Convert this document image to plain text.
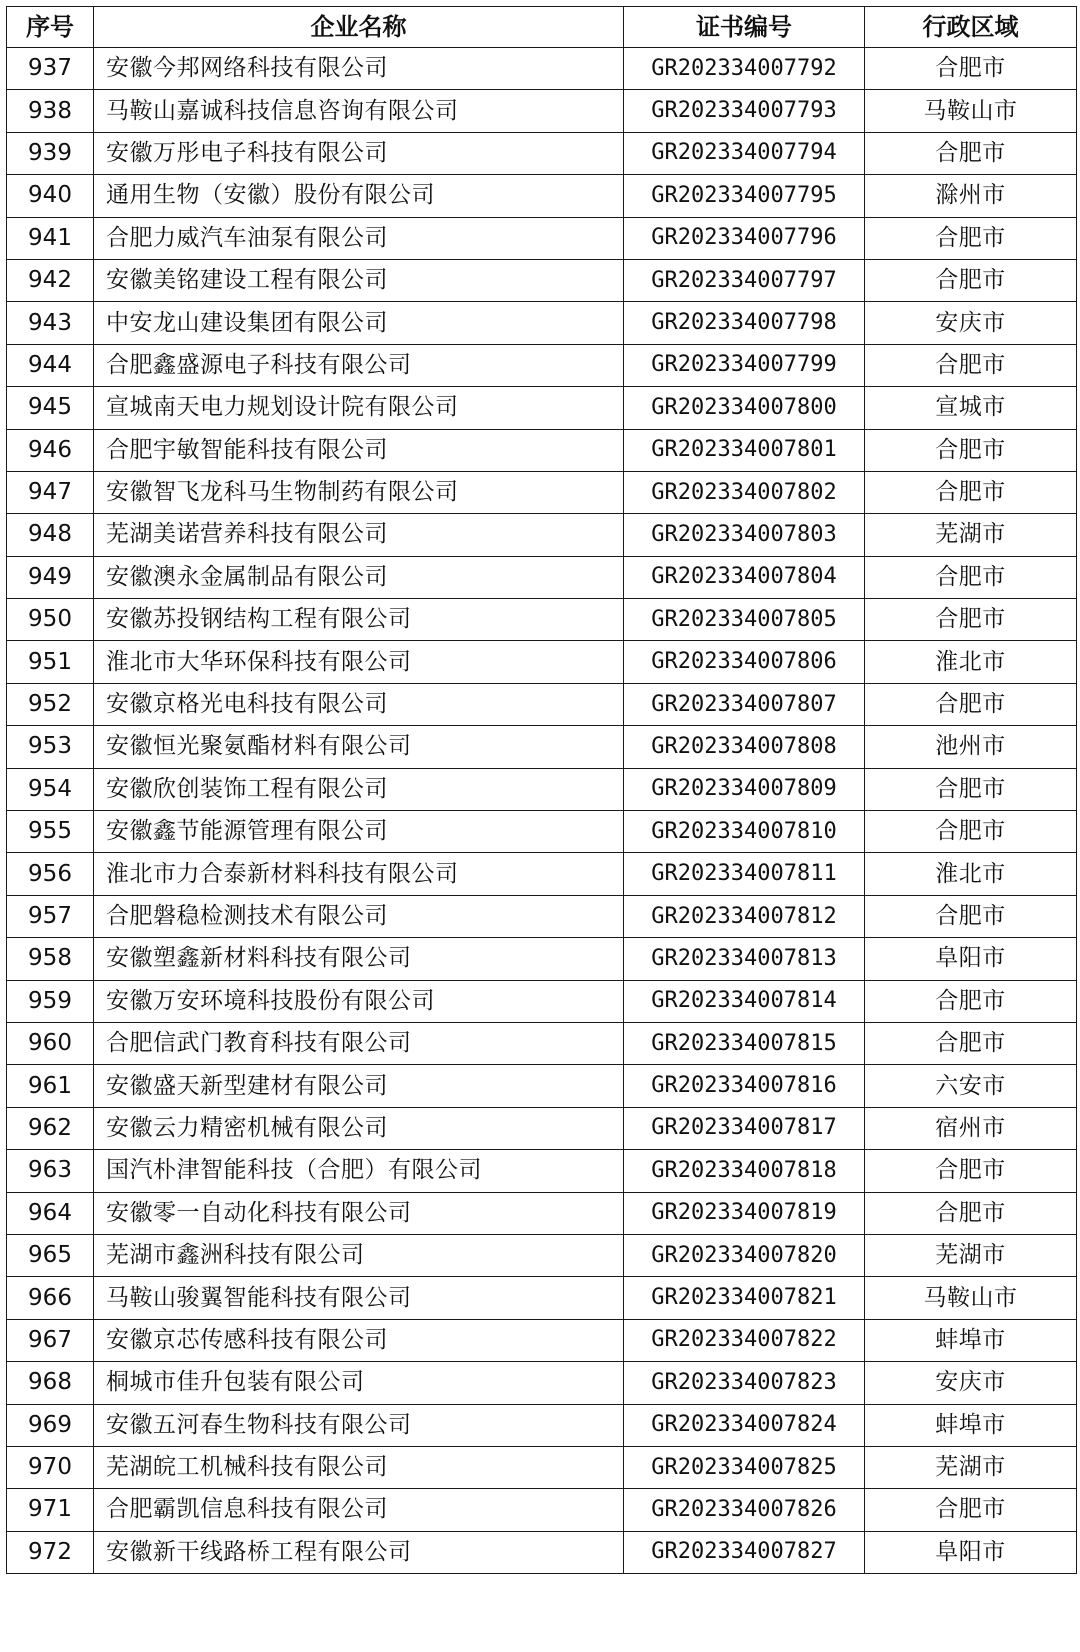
序号	企业名称	证书编号	行政区域
937	安徽今邦网络科技有限公司	GR202334007792	合肥市
938	马鞍山嘉诚科技信息咨询有限公司	GR202334007793	马鞍山市
939	安徽万彤电子科技有限公司	GR202334007794	合肥市
940	通用生物（安徽）股份有限公司	GR202334007795	滁州市
941	合肥力威汽车油泵有限公司	GR202334007796	合肥市
942	安徽美铭建设工程有限公司	GR202334007797	合肥市
943	中安龙山建设集团有限公司	GR202334007798	安庆市
944	合肥鑫盛源电子科技有限公司	GR202334007799	合肥市
945	宣城南天电力规划设计院有限公司	GR202334007800	宣城市
946	合肥宇敏智能科技有限公司	GR202334007801	合肥市
947	安徽智飞龙科马生物制药有限公司	GR202334007802	合肥市
948	芜湖美诺营养科技有限公司	GR202334007803	芜湖市
949	安徽澳永金属制品有限公司	GR202334007804	合肥市
950	安徽苏投钢结构工程有限公司	GR202334007805	合肥市
951	淮北市大华环保科技有限公司	GR202334007806	淮北市
952	安徽京格光电科技有限公司	GR202334007807	合肥市
953	安徽恒光聚氨酯材料有限公司	GR202334007808	池州市
954	安徽欣创装饰工程有限公司	GR202334007809	合肥市
955	安徽鑫节能源管理有限公司	GR202334007810	合肥市
956	淮北市力合泰新材料科技有限公司	GR202334007811	淮北市
957	合肥磐稳检测技术有限公司	GR202334007812	合肥市
958	安徽塑鑫新材料科技有限公司	GR202334007813	阜阳市
959	安徽万安环境科技股份有限公司	GR202334007814	合肥市
960	合肥信武门教育科技有限公司	GR202334007815	合肥市
961	安徽盛天新型建材有限公司	GR202334007816	六安市
962	安徽云力精密机械有限公司	GR202334007817	宿州市
963	国汽朴津智能科技（合肥）有限公司	GR202334007818	合肥市
964	安徽零一自动化科技有限公司	GR202334007819	合肥市
965	芜湖市鑫洲科技有限公司	GR202334007820	芜湖市
966	马鞍山骏翼智能科技有限公司	GR202334007821	马鞍山市
967	安徽京芯传感科技有限公司	GR202334007822	蚌埠市
968	桐城市佳升包装有限公司	GR202334007823	安庆市
969	安徽五河春生物科技有限公司	GR202334007824	蚌埠市
970	芜湖皖工机械科技有限公司	GR202334007825	芜湖市
971	合肥霸凯信息科技有限公司	GR202334007826	合肥市
972	安徽新干线路桥工程有限公司	GR202334007827	阜阳市
